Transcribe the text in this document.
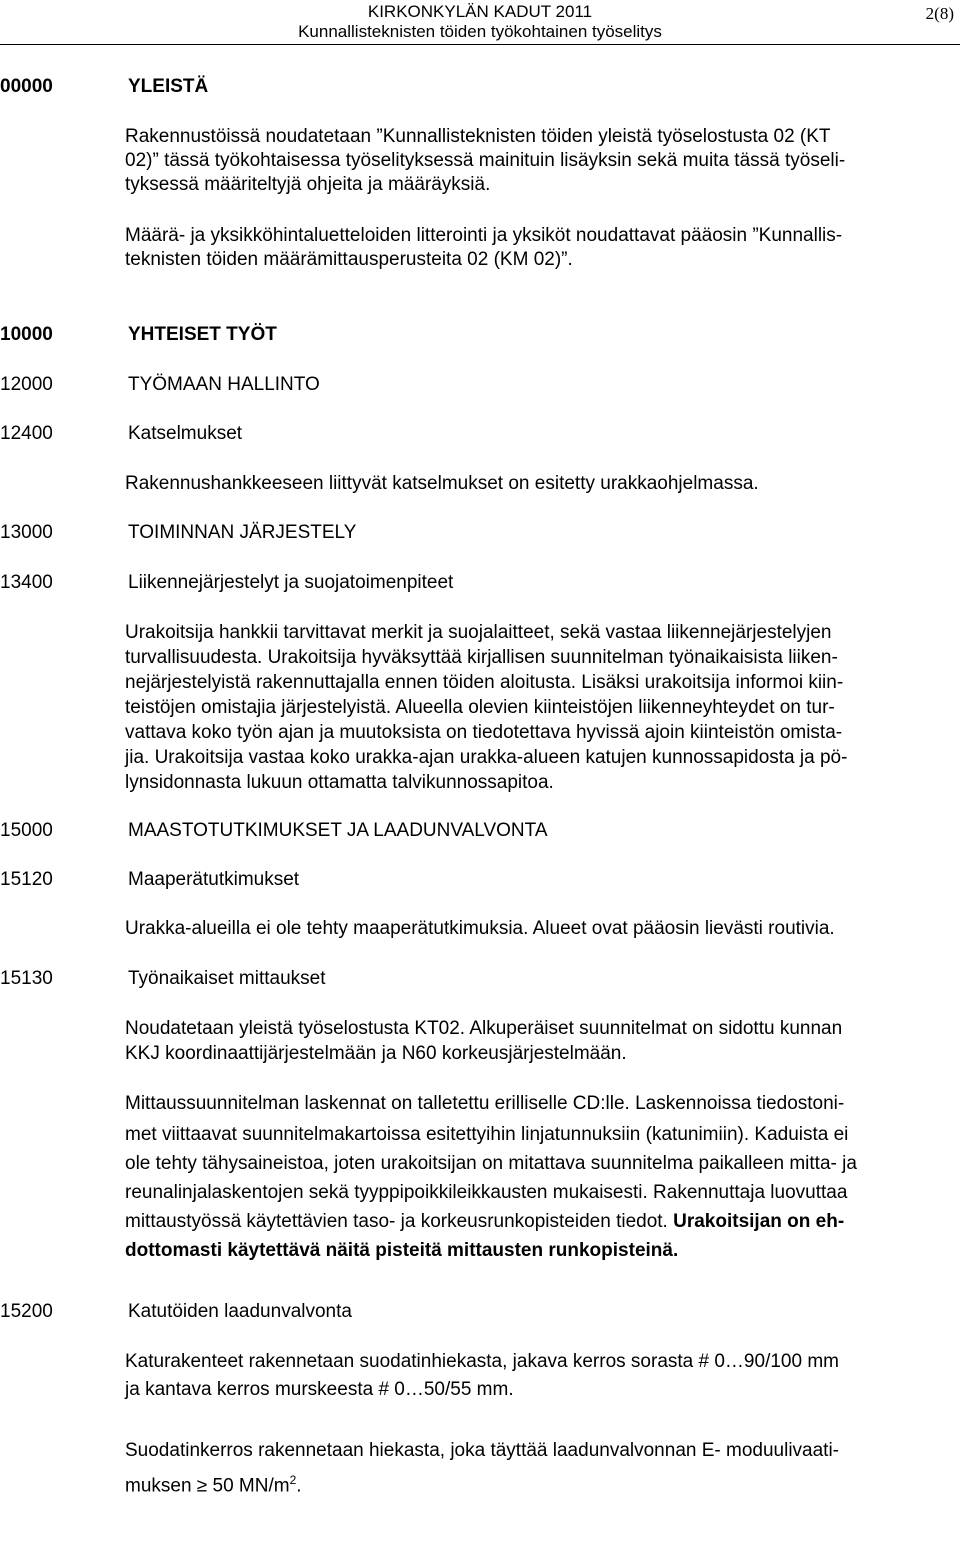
KIRKONKYLÄN KADUT 2011
Kunnallisteknisten töiden työkohtainen työselitys
2(8)
00000	YLEISTÄ
Rakennustöissä noudatetaan ”Kunnallisteknisten töiden yleistä työselostusta 02 (KT
02)” tässä työkohtaisessa työselityksessä mainituin lisäyksin sekä muita tässä työseli-
tyksessä määriteltyjä ohjeita ja määräyksiä.
Määrä- ja yksikköhintaluetteloiden litterointi ja yksiköt noudattavat pääosin ”Kunnallis-
teknisten töiden määrämittausperusteita 02 (KM 02)”.
10000	YHTEISET TYÖT
12000	TYÖMAAN HALLINTO
12400	Katselmukset
Rakennushankkeeseen liittyvät katselmukset on esitetty urakkaohjelmassa.
13000	TOIMINNAN JÄRJESTELY
13400	Liikennejärjestelyt ja suojatoimenpiteet
Urakoitsija hankkii tarvittavat merkit ja suojalaitteet, sekä vastaa liikennejärjestelyjen
turvallisuudesta. Urakoitsija hyväksyttää kirjallisen suunnitelman työnaikaisista liiken-
nejärjestelyistä rakennuttajalla ennen töiden aloitusta. Lisäksi urakoitsija informoi kiin-
teistöjen omistajia järjestelyistä. Alueella olevien kiinteistöjen liikenneyhteydet on tur-
vattava koko työn ajan ja muutoksista on tiedotettava hyvissä ajoin kiinteistön omista-
jia. Urakoitsija vastaa koko urakka-ajan urakka-alueen katujen kunnossapidosta ja pö-
lynsidonnasta lukuun ottamatta talvikunnossapitoa.
15000	MAASTOTUTKIMUKSET JA LAADUNVALVONTA
15120	Maaperätutkimukset
Urakka-alueilla ei ole tehty maaperätutkimuksia. Alueet ovat pääosin lievästi routivia.
15130	Työnaikaiset mittaukset
Noudatetaan yleistä työselostusta KT02. Alkuperäiset suunnitelmat on sidottu kunnan
KKJ koordinaattijärjestelmään ja N60 korkeusjärjestelmään.
Mittaussuunnitelman laskennat on talletettu erilliselle CD:lle. Laskennoissa tiedostoni-
met viittaavat suunnitelmakartoissa esitettyihin linjatunnuksiin (katunimiin). Kaduista ei
ole tehty tähysaineistoa, joten urakoitsijan on mitattava suunnitelma paikalleen mitta- ja
reunalinjalaskentojen sekä tyyppipoikkileikkausten mukaisesti. Rakennuttaja luovuttaa
mittaustyössä käytettävien taso- ja korkeusrunkopisteiden tiedot. Urakoitsijan on eh-
dottomasti käytettävä näitä pisteitä mittausten runkopisteinä.
15200	Katutöiden laadunvalvonta
Katurakenteet rakennetaan suodatinhiekasta, jakava kerros sorasta # 0…90/100 mm
ja kantava kerros murskeesta # 0…50/55 mm.
Suodatinkerros rakennetaan hiekasta, joka täyttää laadunvalvonnan E- moduulivaati-
muksen ≥ 50 $MN/m^2$.
